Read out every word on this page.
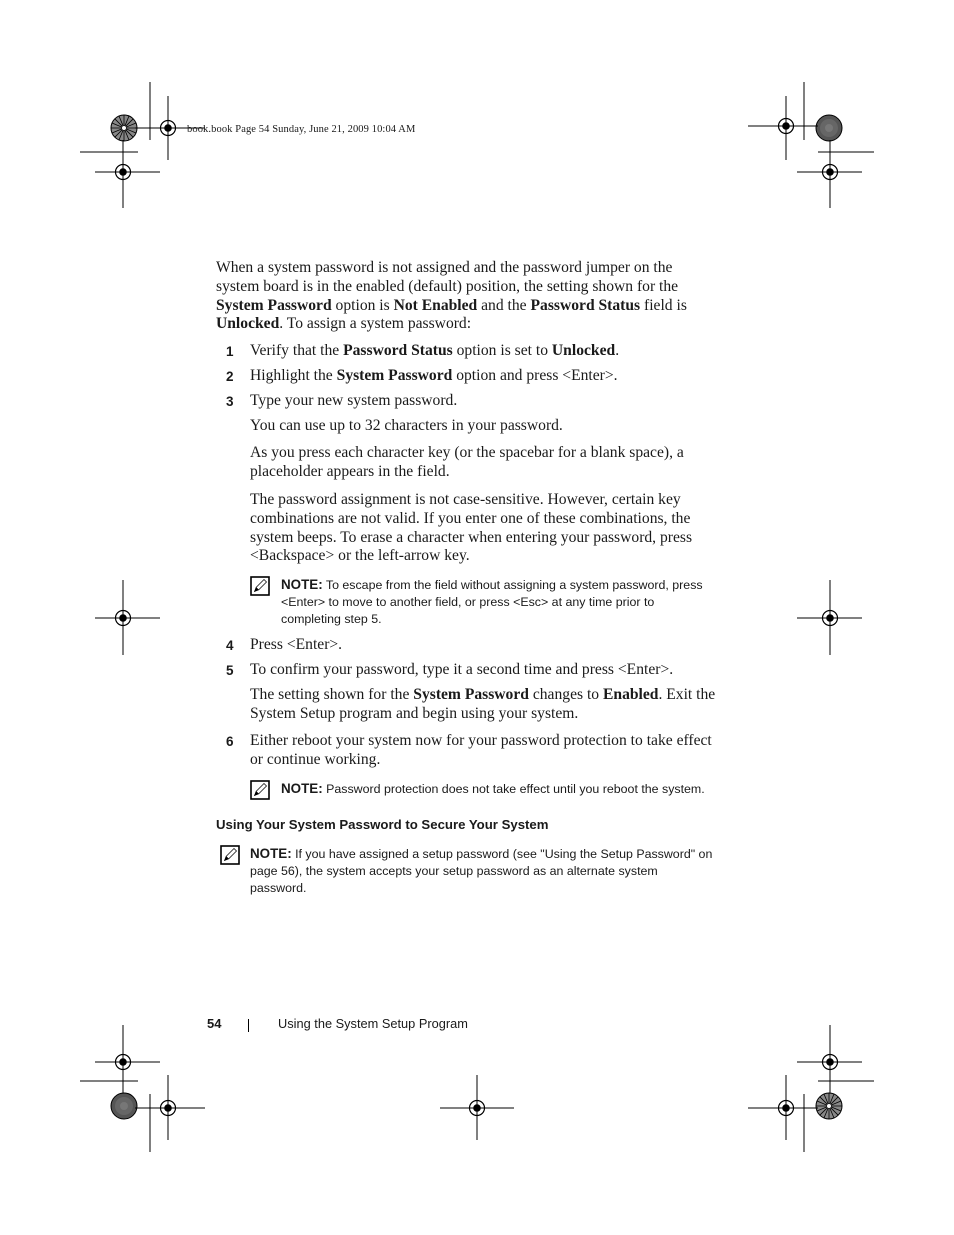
book.book Page 54 Sunday, June 21, 2009 10:04 AM

When a system password is not assigned and the password jumper on the system board is in the enabled (default) position, the setting shown for the System Password option is Not Enabled and the Password Status field is Unlocked. To assign a system password:

1 Verify that the Password Status option is set to Unlocked.
2 Highlight the System Password option and press <Enter>.
3 Type your new system password.

You can use up to 32 characters in your password.

As you press each character key (or the spacebar for a blank space), a placeholder appears in the field.

The password assignment is not case-sensitive. However, certain key combinations are not valid. If you enter one of these combinations, the system beeps. To erase a character when entering your password, press <Backspace> or the left-arrow key.

NOTE: To escape from the field without assigning a system password, press <Enter> to move to another field, or press <Esc> at any time prior to completing step 5.
4 Press <Enter>.
5 To confirm your password, type it a second time and press <Enter>.

The setting shown for the System Password changes to Enabled. Exit the System Setup program and begin using your system.

6 Either reboot your system now for your password protection to take effect or continue working.
NOTE: Password protection does not take effect until you reboot the system.
Using Your System Password to Secure Your System
NOTE: If you have assigned a setup password (see "Using the Setup Password" on page 56), the system accepts your setup password as an alternate system password.
54	Using the System Setup Program
